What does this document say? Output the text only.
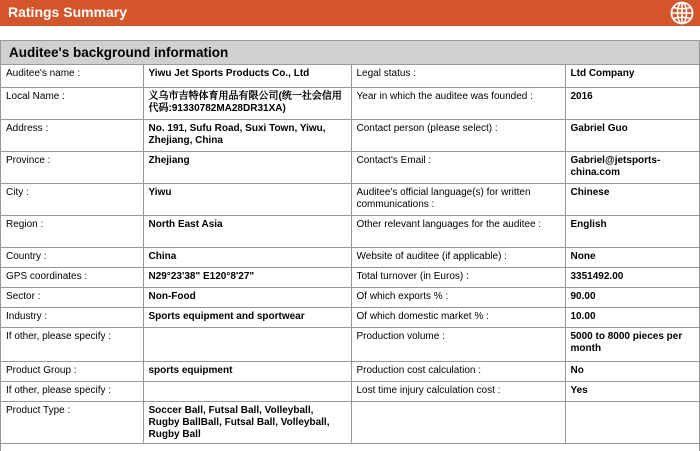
Ratings Summary
Auditee's background information
Auditee's name :	Yiwu Jet Sports Products Co., Ltd	Legal status :	Ltd Company
Local Name :	义乌市吉特体育用品有限公司(统一社会信用代码:91330782MA28DR31XA)	Year in which the auditee was founded :	2016
Address :	No. 191, Sufu Road, Suxi Town, Yiwu, Zhejiang, China	Contact person (please select) :	Gabriel Guo
Province :	Zhejiang	Contact's Email :	Gabriel@jetsports-china.com
City :	Yiwu	Auditee's official language(s) for written communications :	Chinese
Region :	North East Asia	Other relevant languages for the auditee :	English
Country :	China	Website of auditee (if applicable) :	None
GPS coordinates :	N29°23'38" E120°8'27"	Total turnover (in Euros) :	3351492.00
Sector :	Non-Food	Of which exports % :	90.00
Industry :	Sports equipment and sportwear	Of which domestic market % :	10.00
If other, please specify :		Production volume :	5000 to 8000 pieces per month
Product Group :	sports equipment	Production cost calculation :	No
If other, please specify :		Lost time injury calculation cost :	Yes
Product Type :	Soccer Ball, Futsal Ball, Volleyball, Rugby BallBall, Futsal Ball, Volleyball, Rugby Ball		
